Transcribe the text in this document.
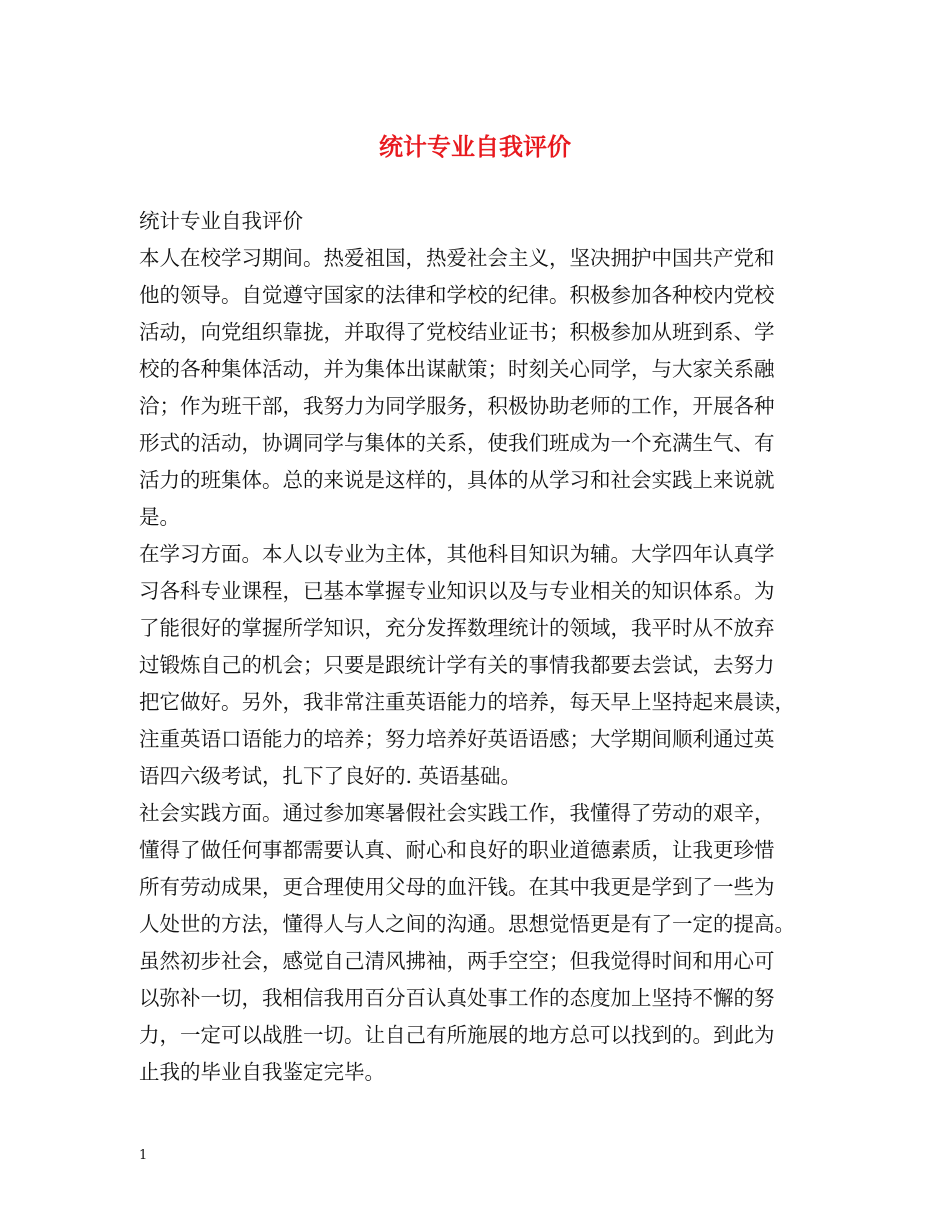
统计专业自我评价
统计专业自我评价
本人在校学习期间。热爱祖国，热爱社会主义，坚决拥护中国共产党和
他的领导。自觉遵守国家的法律和学校的纪律。积极参加各种校内党校
活动，向党组织靠拢，并取得了党校结业证书；积极参加从班到系、学
校的各种集体活动，并为集体出谋献策；时刻关心同学，与大家关系融
洽；作为班干部，我努力为同学服务，积极协助老师的工作，开展各种
形式的活动，协调同学与集体的关系，使我们班成为一个充满生气、有
活力的班集体。总的来说是这样的，具体的从学习和社会实践上来说就
是。
在学习方面。本人以专业为主体，其他科目知识为辅。大学四年认真学
习各科专业课程，已基本掌握专业知识以及与专业相关的知识体系。为
了能很好的掌握所学知识，充分发挥数理统计的领域，我平时从不放弃
过锻炼自己的机会；只要是跟统计学有关的事情我都要去尝试，去努力
把它做好。另外，我非常注重英语能力的培养，每天早上坚持起来晨读，
注重英语口语能力的培养；努力培养好英语语感；大学期间顺利通过英
语四六级考试，扎下了良好的. 英语基础。
社会实践方面。通过参加寒暑假社会实践工作，我懂得了劳动的艰辛，
懂得了做任何事都需要认真、耐心和良好的职业道德素质，让我更珍惜
所有劳动成果，更合理使用父母的血汗钱。在其中我更是学到了一些为
人处世的方法，懂得人与人之间的沟通。思想觉悟更是有了一定的提高。
虽然初步社会，感觉自己清风拂袖，两手空空；但我觉得时间和用心可
以弥补一切，我相信我用百分百认真处事工作的态度加上坚持不懈的努
力，一定可以战胜一切。让自己有所施展的地方总可以找到的。到此为
止我的毕业自我鉴定完毕。
1
